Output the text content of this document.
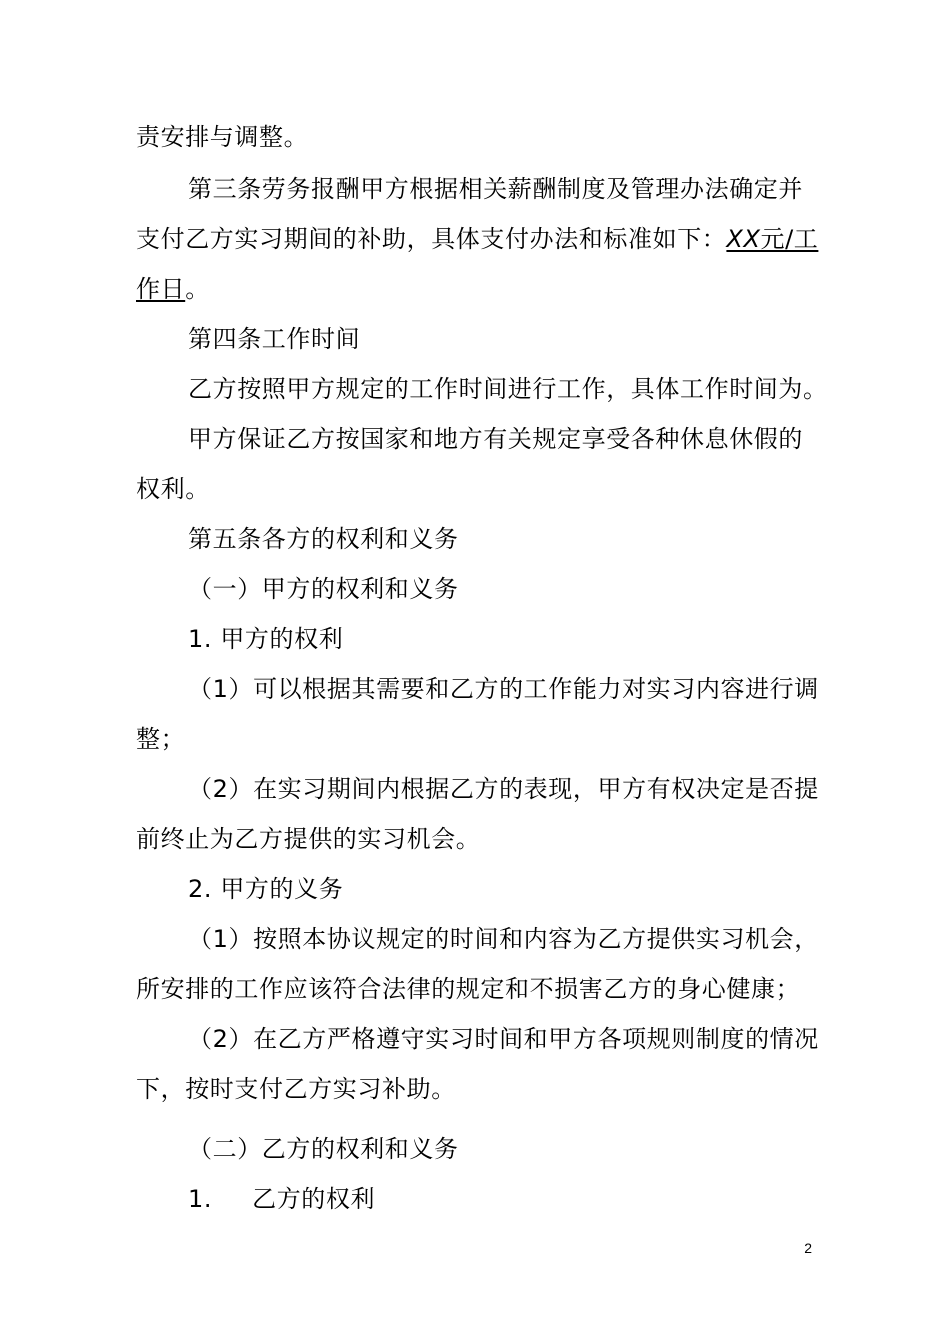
责安排与调整。
第三条劳务报酬甲方根据相关薪酬制度及管理办法确定并
支付乙方实习期间的补助，具体支付办法和标准如下：XX元/工
作日。
第四条工作时间
乙方按照甲方规定的工作时间进行工作，具体工作时间为。
甲方保证乙方按国家和地方有关规定享受各种休息休假的
权利。
第五条各方的权利和义务
（一）甲方的权利和义务
1. 甲方的权利
（1）可以根据其需要和乙方的工作能力对实习内容进行调
整；
（2）在实习期间内根据乙方的表现，甲方有权决定是否提
前终止为乙方提供的实习机会。
2. 甲方的义务
（1）按照本协议规定的时间和内容为乙方提供实习机会，
所安排的工作应该符合法律的规定和不损害乙方的身心健康；
（2）在乙方严格遵守实习时间和甲方各项规则制度的情况
下，按时支付乙方实习补助。
（二）乙方的权利和义务
1. 乙方的权利
2
